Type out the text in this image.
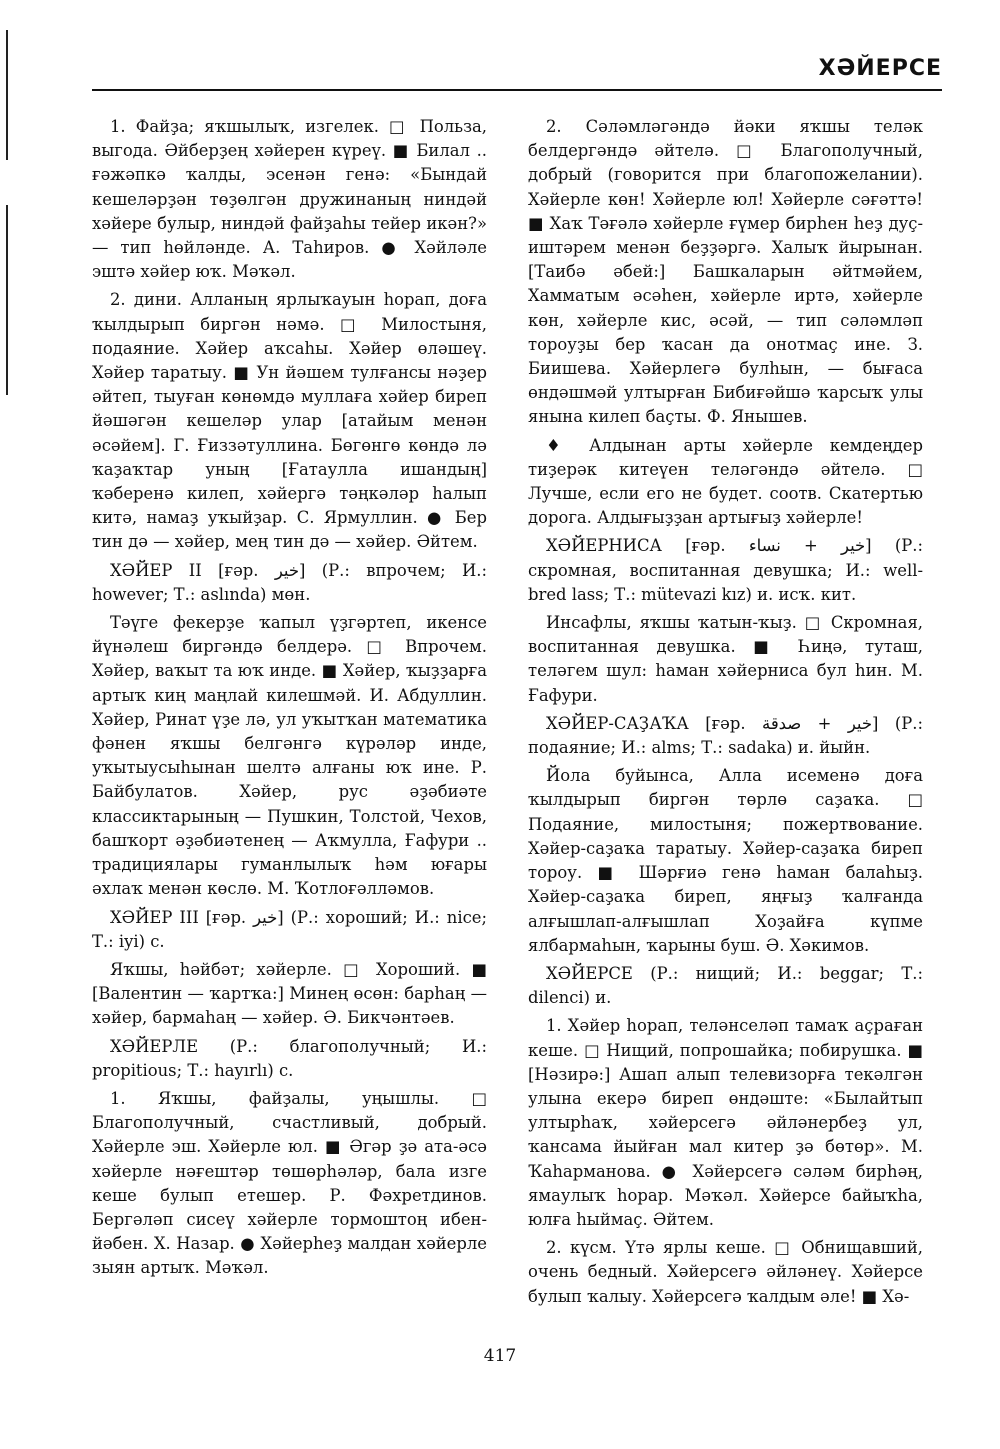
ХӘЙЕРСЕ

1. Файҙа; яҡшылыҡ, изгелек. □ Польза, выгода. Әйберҙең хәйерен күреү. ■ Билал .. ғәжәпкә ҡалды, эсенән генә: «Бындай кешеләрҙән төҙөлгән дружинаның ниндәй хәйере булыр, ниндәй файҙаһы тейер икән?» — тип һөйләнде. А. Таһиров. ● Хәйләле эштә хәйер юҡ. Мәҡәл.

2. дини. Алланың ярлыҡауын һорап, доға ҡылдырып биргән нәмә. □ Милостыня, подаяние. Хәйер аҡсаһы. Хәйер өләшеү. Хәйер таратыу. ■ Ун йәшем тулғансы нәҙер әйтеп, тыуған көнөмдә муллаға хәйер биреп йәшәгән кешеләр улар [атайым менән әсәйем]. Г. Ғиззәтуллина. Бөгөнгө көндә лә ҡаҙаҡтар уның [Ғатаулла ишандың] ҡәберенә килеп, хәйергә тәңкәләр һалып китә, намаҙ уҡыйҙар. С. Ярмуллин. ● Бер тин дә — хәйер, мең тин дә — хәйер. Әйтем.

ХӘЙЕР II [ғәр. خير] (Р.: впрочем; И.: however; Т.: aslında) мөн.

Тәүге фекерҙе ҡапыл үҙгәртеп, икенсе йүнәлеш биргәндә белдерә. □ Впрочем. Хәйер, ваҡыт та юҡ инде. ■ Хәйер, ҡыҙҙарға артыҡ киң маңлай килешмәй. И. Абдуллин. Хәйер, Ринат үҙе лә, ул уҡытҡан математика фәнен яҡшы белгәнгә күрәләр инде, уҡытыусыһынан шелтә алғаны юҡ ине. Р. Байбулатов. Хәйер, рус әҙәбиәте классиктарының — Пушкин, Толстой, Чехов, башҡорт әҙәбиәтенең — Аҡмулла, Ғафури .. традициялары гуманлылыҡ һәм юғары әхлаҡ менән көслө. М. Ҡотлоғәлләмов.

ХӘЙЕР III [ғәр. خير] (Р.: хороший; И.: nice; Т.: iyi) с.

Яҡшы, һәйбәт; хәйерле. □ Хороший. ■ [Валентин — ҡартҡа:] Минең өсөн: барһаң — хәйер, бармаһаң — хәйер. Ә. Бикчәнтәев.

ХӘЙЕРЛЕ (Р.: благополучный; И.: propitious; Т.: hayırlı) с.

1. Яҡшы, файҙалы, уңышлы. □ Благополучный, счастливый, добрый. Хәйерле эш. Хәйерле юл. ■ Әгәр ҙә ата-әсә хәйерле нәғештәр төшөрһәләр, бала изге кеше булып етешер. Р. Фәхретдинов. Бергәләп сисеү хәйерле тормоштоң ибен-йәбен. Х. Назар. ● Хәйерһеҙ малдан хәйерле зыян артыҡ. Мәҡәл.

2. Сәләмләгәндә йәки яҡшы теләк белдергәндә әйтелә. □ Благополучный, добрый (говорится при благопожелании). Хәйерле көн! Хәйерле юл! Хәйерле сәғәттә! ■ Хаҡ Тәғәлә хәйерле ғүмер бирһен һеҙ дуҫ-иштәрем менән беҙҙәргә. Халыҡ йырынан. [Таибә әбей:] Башкаларын әйтмәйем, Хамматым әсәһен, хәйерле иртә, хәйерле көн, хәйерле кис, әсәй, — тип сәләмләп тороуҙы бер ҡасан да онотмаҫ ине. З. Биишева. Хәйерлегә булһын, — бығаса өндәшмәй ултырған Бибиғәйшә ҡарсыҡ улы янына килеп баҫты. Ф. Янышев.

♦ Алдынан арты хәйерле кемдеңдер тиҙерәк китеүен теләгәндә әйтелә. □ Лучше, если его не будет. соотв. Скатертью дорога. Алдығыҙҙан артығыҙ хәйерле!

ХӘЙЕРНИСА [ғәр. خير + نساء] (Р.: скромная, воспитанная девушка; И.: well-bred lass; Т.: mütevazi kız) и. исҡ. кит.

Инсафлы, яҡшы ҡатын-ҡыҙ. □ Скромная, воспитанная девушка. ■ Һиңә, туташ, теләгем шул: һаман хәйерниса бул һин. М. Ғафури.

ХӘЙЕР-САҘАҠА [ғәр. خير + صدقة] (Р.: подаяние; И.: alms; Т.: sadaka) и. йыйн.

Йола буйынса, Алла исеменә доға ҡылдырып биргән төрлө саҙаҡа. □ Подаяние, милостыня; пожертвование. Хәйер-саҙаҡа таратыу. Хәйер-саҙаҡа биреп тороу. ■ Шәрғиә генә һаман балаһыҙ. Хәйер-саҙаҡа биреп, яңғыҙ ҡалғанда алғышлап-алғышлап Хоҙайға күпме ялбармаһын, ҡарыны буш. Ә. Хәкимов.

ХӘЙЕРСЕ (Р.: нищий; И.: beggar; Т.: dilenci) и.

1. Хәйер һорап, теләнселәп тамаҡ аҫраған кеше. □ Нищий, попрошайка; побирушка. ■ [Нәзирә:] Ашап алып телевизорға текәлгән улына екерә биреп өндәште: «Былайтып ултырһаҡ, хәйерсегә әйләнербеҙ ул, ҡансама йыйған мал китер ҙә бөтөр». М. Ҡаһарманова. ● Хәйерсегә сәләм бирһәң, ямаулыҡ һорар. Мәҡәл. Хәйерсе байыҡһа, юлға һыймаҫ. Әйтем.

2. күсм. Үтә ярлы кеше. □ Обнищавший, очень бедный. Хәйерсегә әйләнеү. Хәйерсе булып ҡалыу. Хәйерсегә ҡалдым әле! ■ Хә-

417
